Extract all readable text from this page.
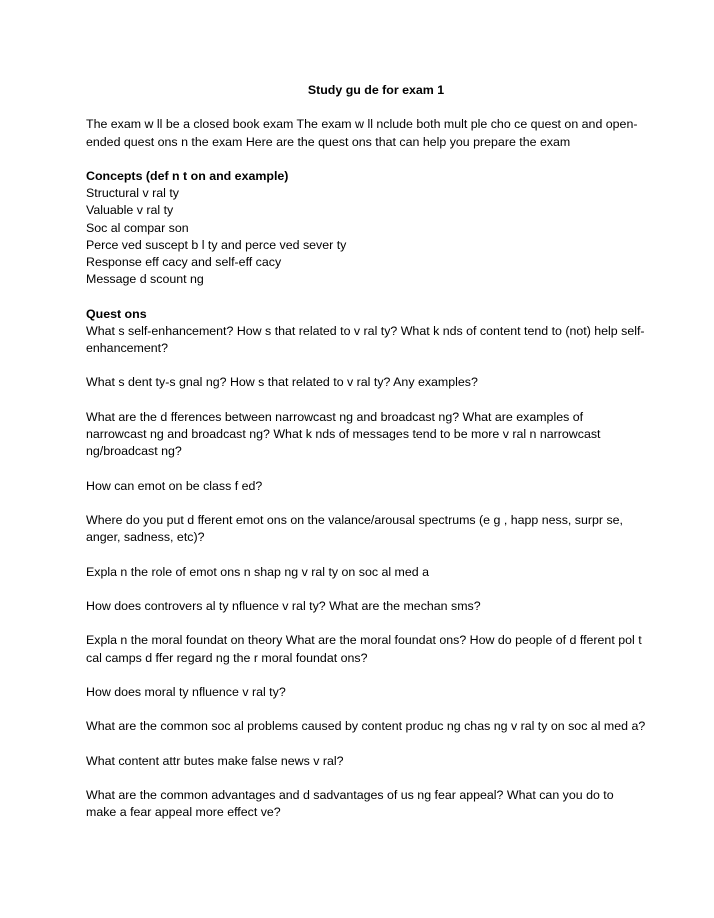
Study gu de for exam 1

The exam w ll be a closed book exam The exam w ll nclude both mult ple cho ce quest on and open-ended quest ons n the exam Here are the quest ons that can help you prepare the exam

Concepts (def n t on and example)

Structural v ral ty
Valuable v ral ty
Soc al compar son
Perce ved suscept b l ty and perce ved sever ty
Response eff cacy and self-eff cacy
Message d scount ng

Quest ons

What s self-enhancement? How s that related to v ral ty? What k nds of content tend to (not) help self-enhancement?

What s dent ty-s gnal ng? How s that related to v ral ty? Any examples?

What are the d fferences between narrowcast ng and broadcast ng? What are examples of narrowcast ng and broadcast ng? What k nds of messages tend to be more v ral n narrowcast ng/broadcast ng?

How can emot on be class f ed?

Where do you put d fferent emot ons on the valance/arousal spectrums (e g , happ ness, surpr se, anger, sadness, etc)?

Expla n the role of emot ons n shap ng v ral ty on soc al med a

How does controvers al ty nfluence v ral ty? What are the mechan sms?

Expla n the moral foundat on theory What are the moral foundat ons? How do people of d fferent pol t cal camps d ffer regard ng the r moral foundat ons?

How does moral ty nfluence v ral ty?

What are the common soc al problems caused by content produc ng chas ng v ral ty on soc al med a?

What content attr butes make false news v ral?

What are the common advantages and d sadvantages of us ng fear appeal? What can you do to make a fear appeal more effect ve?
